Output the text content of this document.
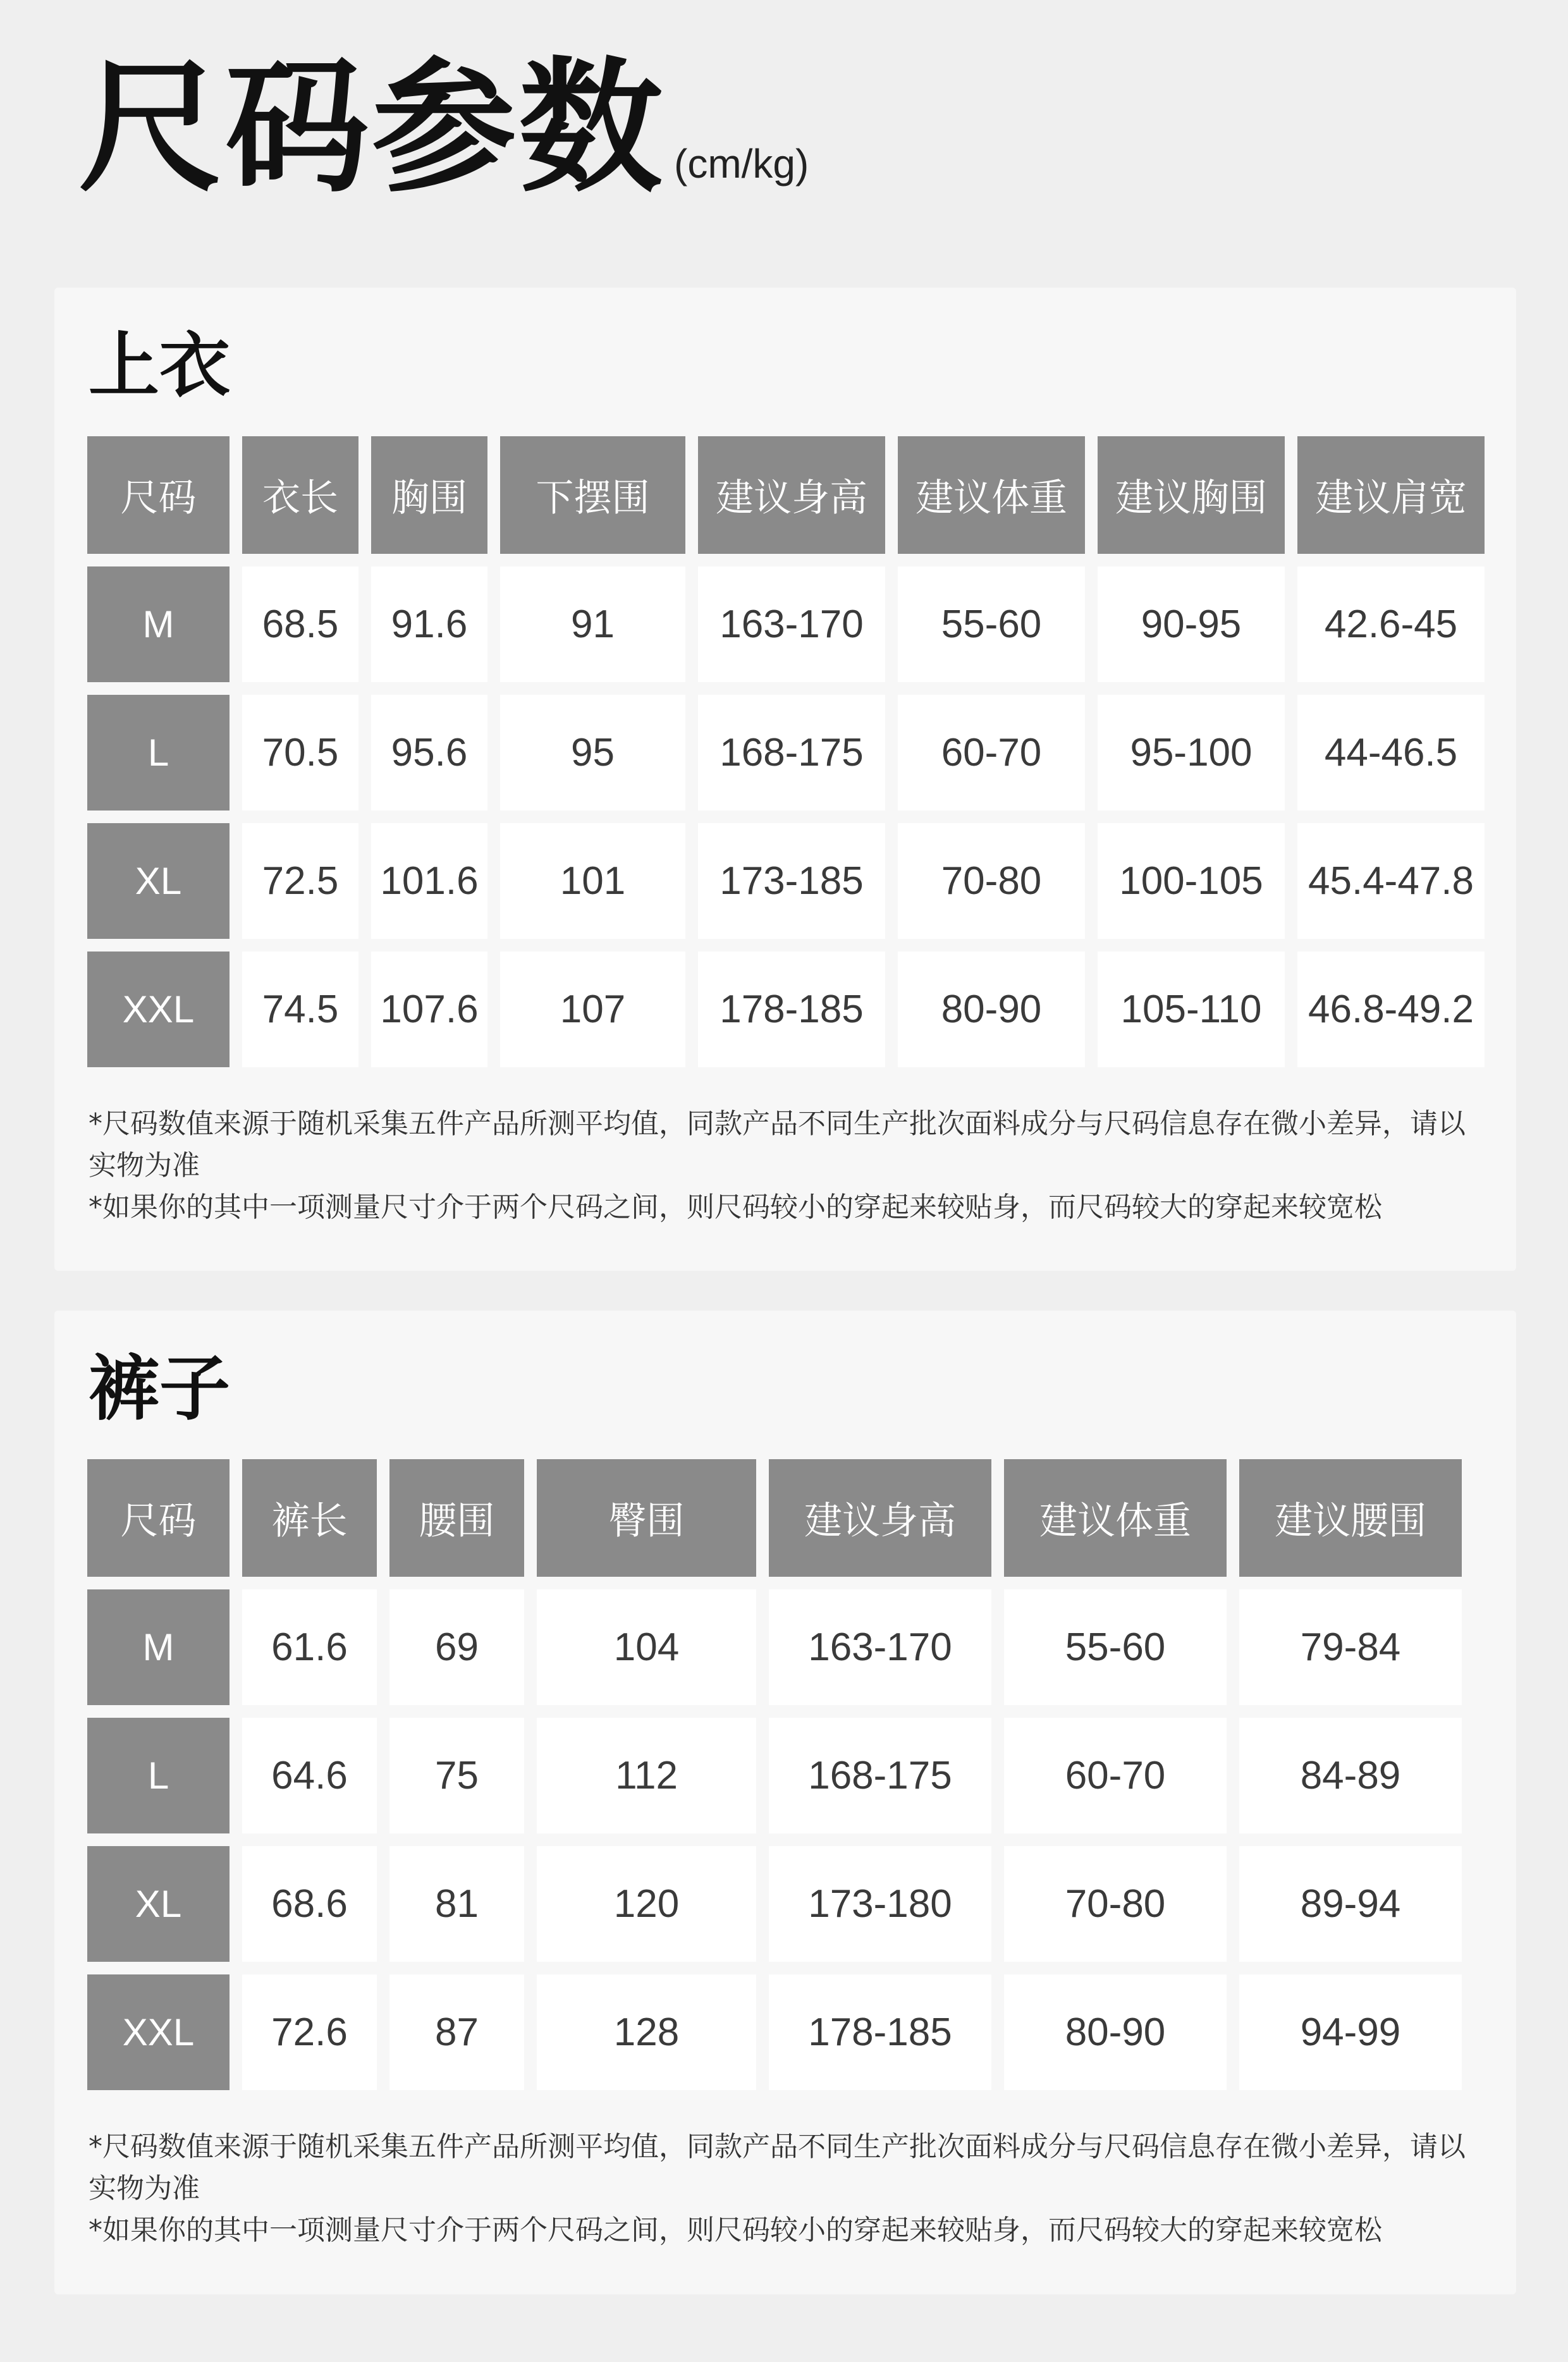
尺码参数 (cm/kg)
上衣
尺码	衣长	胸围	下摆围	建议身高	建议体重	建议胸围	建议肩宽
M	68.5	91.6	91	163-170	55-60	90-95	42.6-45
L	70.5	95.6	95	168-175	60-70	95-100	44-46.5
XL	72.5	101.6	101	173-185	70-80	100-105	45.4-47.8
XXL	74.5	107.6	107	178-185	80-90	105-110	46.8-49.2

*尺码数值来源于随机采集五件产品所测平均值，同款产品不同生产批次面料成分与尺码信息存在微小差异，请以实物为准

*如果你的其中一项测量尺寸介于两个尺码之间，则尺码较小的穿起来较贴身，而尺码较大的穿起来较宽松

裤子
尺码	裤长	腰围	臀围	建议身高	建议体重	建议腰围
M	61.6	69	104	163-170	55-60	79-84
L	64.6	75	112	168-175	60-70	84-89
XL	68.6	81	120	173-180	70-80	89-94
XXL	72.6	87	128	178-185	80-90	94-99

*尺码数值来源于随机采集五件产品所测平均值，同款产品不同生产批次面料成分与尺码信息存在微小差异，请以实物为准

*如果你的其中一项测量尺寸介于两个尺码之间，则尺码较小的穿起来较贴身，而尺码较大的穿起来较宽松
